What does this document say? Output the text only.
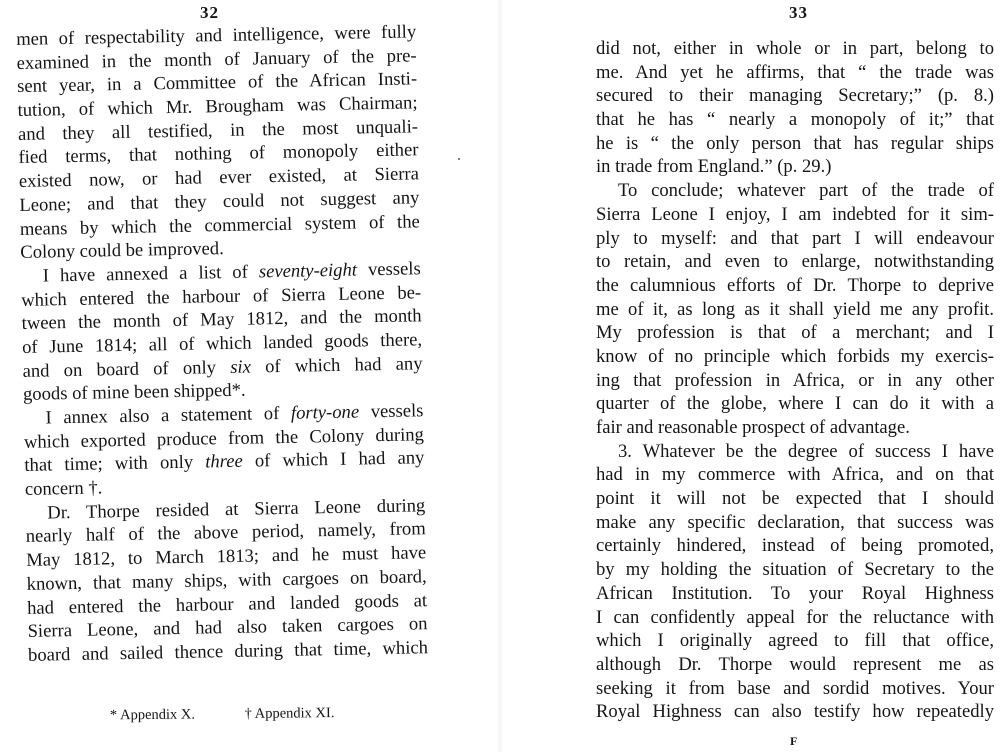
32
men of respectability and intelligence, were fully
examined in the month of January of the pre-
sent year, in a Committee of the African Insti-
tution, of which Mr. Brougham was Chairman;
and they all testified, in the most unquali-
fied terms, that nothing of monopoly either
existed now, or had ever existed, at Sierra
Leone; and that they could not suggest any
means by which the commercial system of the
Colony could be improved.
I have annexed a list of seventy-eight vessels
which entered the harbour of Sierra Leone be-
tween the month of May 1812, and the month
of June 1814; all of which landed goods there,
and on board of only six of which had any
goods of mine been shipped*.
I annex also a statement of forty-one vessels
which exported produce from the Colony during
that time; with only three of which I had any
concern †.
Dr. Thorpe resided at Sierra Leone during
nearly half of the above period, namely, from
May 1812, to March 1813; and he must have
known, that many ships, with cargoes on board,
had entered the harbour and landed goods at
Sierra Leone, and had also taken cargoes on
board and sailed thence during that time, which
* Appendix X.	† Appendix XI.
33
did not, either in whole or in part, belong to
me. And yet he affirms, that “ the trade was
secured to their managing Secretary;” (p. 8.)
that he has “ nearly a monopoly of it;” that
he is “ the only person that has regular ships
in trade from England.” (p. 29.)
To conclude; whatever part of the trade of
Sierra Leone I enjoy, I am indebted for it sim-
ply to myself: and that part I will endeavour
to retain, and even to enlarge, notwithstanding
the calumnious efforts of Dr. Thorpe to deprive
me of it, as long as it shall yield me any profit.
My profession is that of a merchant; and I
know of no principle which forbids my exercis-
ing that profession in Africa, or in any other
quarter of the globe, where I can do it with a
fair and reasonable prospect of advantage.
3. Whatever be the degree of success I have
had in my commerce with Africa, and on that
point it will not be expected that I should
make any specific declaration, that success was
certainly hindered, instead of being promoted,
by my holding the situation of Secretary to the
African Institution. To your Royal Highness
I can confidently appeal for the reluctance with
which I originally agreed to fill that office,
although Dr. Thorpe would represent me as
seeking it from base and sordid motives. Your
Royal Highness can also testify how repeatedly
F
